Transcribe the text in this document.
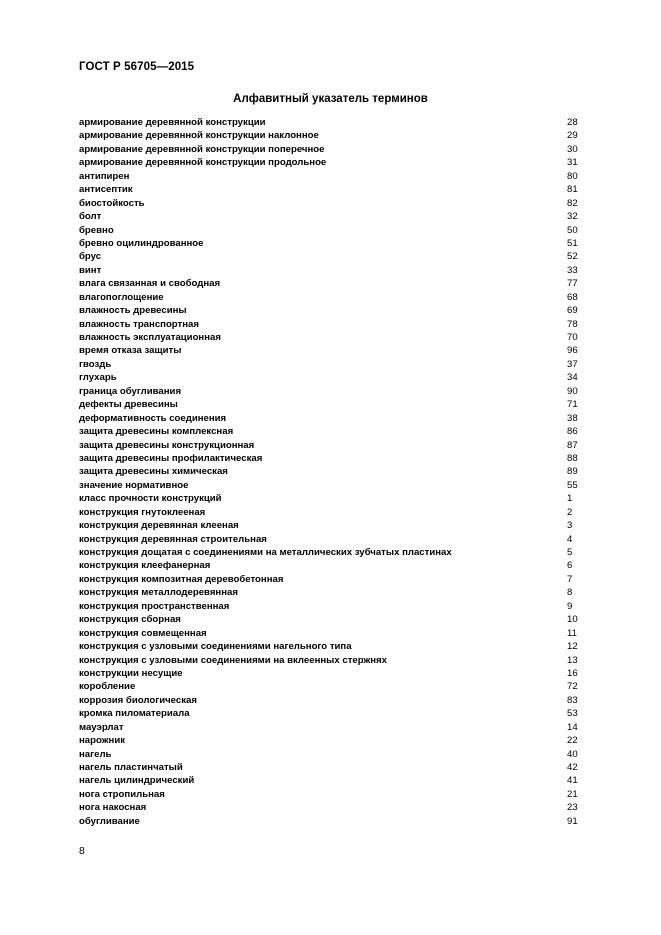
ГОСТ Р 56705—2015
Алфавитный указатель терминов
армирование деревянной конструкции	28
армирование деревянной конструкции наклонное	29
армирование деревянной конструкции поперечное	30
армирование деревянной конструкции продольное	31
антипирен	80
антисептик	81
биостойкость	82
болт	32
бревно	50
бревно оцилиндрованное	51
брус	52
винт	33
влага связанная и свободная	77
влагопоглощение	68
влажность древесины	69
влажность транспортная	78
влажность эксплуатационная	70
время отказа защиты	96
гвоздь	37
глухарь	34
граница обугливания	90
дефекты древесины	71
деформативность соединения	38
защита древесины комплексная	86
защита древесины конструкционная	87
защита древесины профилактическая	88
защита древесины химическая	89
значение нормативное	55
класс прочности конструкций	1
конструкция гнутоклееная	2
конструкция деревянная клееная	3
конструкция деревянная строительная	4
конструкция дощатая с соединениями на металлических зубчатых пластинах	5
конструкция клеефанерная	6
конструкция композитная деревобетонная	7
конструкция металлодеревянная	8
конструкция пространственная	9
конструкция сборная	10
конструкция совмещенная	11
конструкция с узловыми соединениями нагельного типа	12
конструкция с узловыми соединениями на вклеенных стержнях	13
конструкции несущие	16
коробление	72
коррозия биологическая	83
кромка пиломатериала	53
мауэрлат	14
нарожник	22
нагель	40
нагель пластинчатый	42
нагель цилиндрический	41
нога стропильная	21
нога накосная	23
обугливание	91
8
